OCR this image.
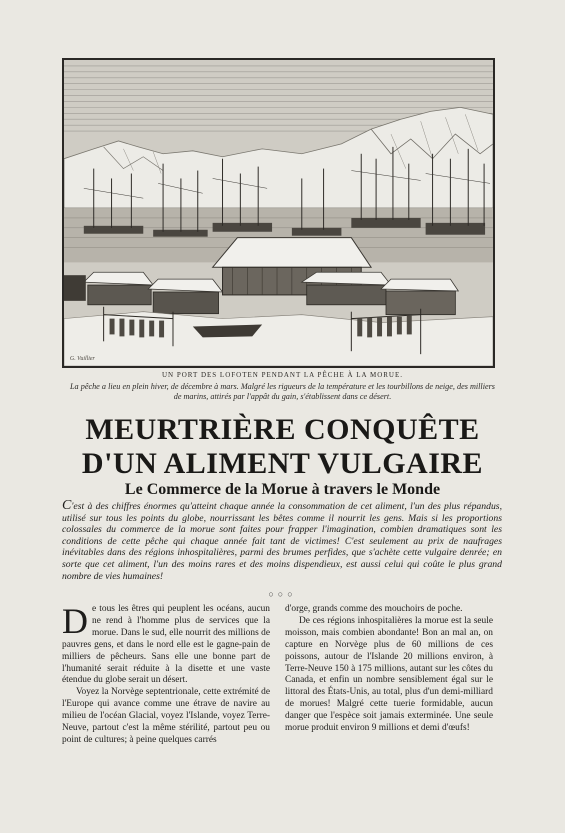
G. Vuillier
UN PORT DES LOFOTEN PENDANT LA PÊCHE À LA MORUE.
La pêche a lieu en plein hiver, de décembre à mars. Malgré les rigueurs de la température et les tourbillons de neige, des milliers de marins, attirés par l'appât du gain, s'établissent dans ce désert.
MEURTRIÈRE CONQUÊTE
D'UN ALIMENT VULGAIRE
Le Commerce de la Morue à travers le Monde
C'est à des chiffres énormes qu'atteint chaque année la consommation de cet aliment, l'un des plus répandus, utilisé sur tous les points du globe, nourrissant les bêtes comme il nourrit les gens. Mais si les proportions colossales du commerce de la morue sont faites pour frapper l'imagination, combien dramatiques sont les conditions de cette pêche qui chaque année fait tant de victimes! C'est seulement au prix de naufrages inévitables dans des régions inhospitalières, parmi des brumes perfides, que s'achète cette vulgaire denrée; en sorte que cet aliment, l'un des moins rares et des moins dispendieux, est aussi celui qui coûte le plus grand nombre de vies humaines!
○○○

De tous les êtres qui peuplent les océans, aucun ne rend à l'homme plus de services que la morue. Dans le sud, elle nourrit des millions de pauvres gens, et dans le nord elle est le gagne-pain de milliers de pêcheurs. Sans elle une bonne part de l'humanité serait réduite à la disette et une vaste étendue du globe serait un désert.

Voyez la Norvège septentrionale, cette extrémité de l'Europe qui avance comme une étrave de navire au milieu de l'océan Glacial, voyez l'Islande, voyez Terre-Neuve, partout c'est la même stérilité, partout peu ou point de cultures; à peine quelques carrés

d'orge, grands comme des mouchoirs de poche.

De ces régions inhospitalières la morue est la seule moisson, mais combien abondante! Bon an mal an, on capture en Norvège plus de 60 millions de ces poissons, autour de l'Islande 20 millions environ, à Terre-Neuve 150 à 175 millions, autant sur les côtes du Canada, et enfin un nombre sensiblement égal sur le littoral des États-Unis, au total, plus d'un demi-milliard de morues! Malgré cette tuerie formidable, aucun danger que l'espèce soit jamais exterminée. Une seule morue produit environ 9 millions et demi d'œufs!
